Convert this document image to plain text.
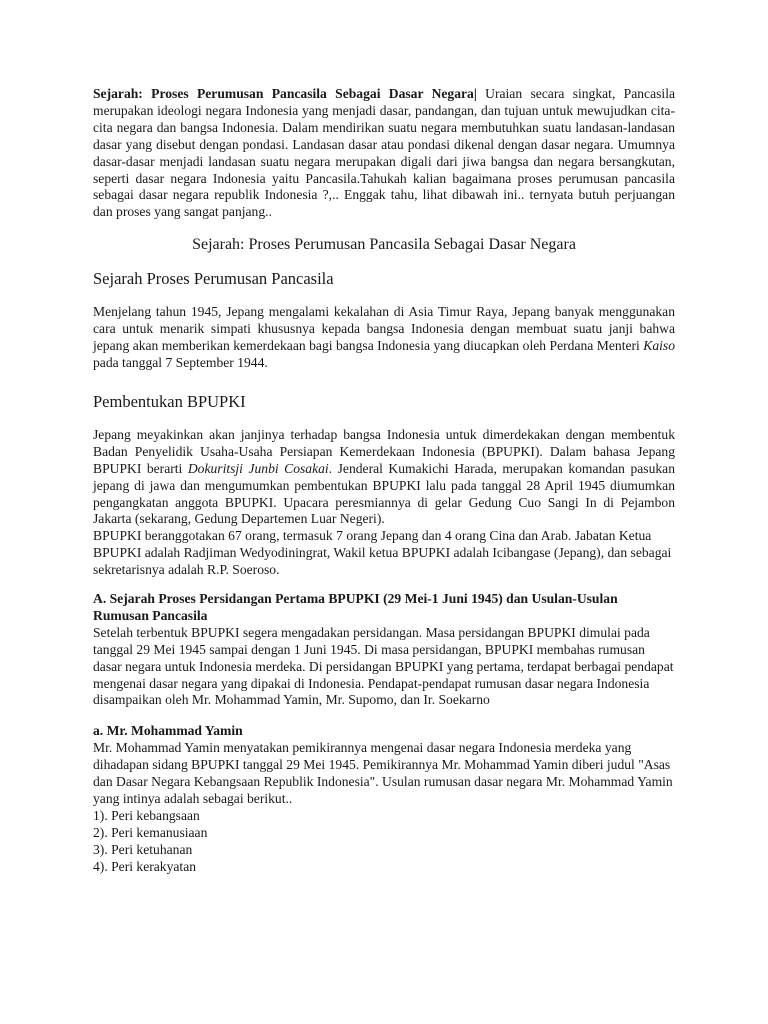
Sejarah: Proses Perumusan Pancasila Sebagai Dasar Negara| Uraian secara singkat, Pancasila merupakan ideologi negara Indonesia yang menjadi dasar, pandangan, dan tujuan untuk mewujudkan cita-cita negara dan bangsa Indonesia. Dalam mendirikan suatu negara membutuhkan suatu landasan-landasan dasar yang disebut dengan pondasi. Landasan dasar atau pondasi dikenal dengan dasar negara. Umumnya dasar-dasar menjadi landasan suatu negara merupakan digali dari jiwa bangsa dan negara bersangkutan, seperti dasar negara Indonesia yaitu Pancasila.Tahukah kalian bagaimana proses perumusan pancasila sebagai dasar negara republik Indonesia ?,.. Enggak tahu, lihat dibawah ini.. ternyata butuh perjuangan dan proses yang sangat panjang..

Sejarah: Proses Perumusan Pancasila Sebagai Dasar Negara
Sejarah Proses Perumusan Pancasila

Menjelang tahun 1945, Jepang mengalami kekalahan di Asia Timur Raya, Jepang banyak menggunakan cara untuk menarik simpati khususnya kepada bangsa Indonesia dengan membuat suatu janji bahwa jepang akan memberikan kemerdekaan bagi bangsa Indonesia yang diucapkan oleh Perdana Menteri Kaiso pada tanggal 7 September 1944.

Pembentukan BPUPKI

Jepang meyakinkan akan janjinya terhadap bangsa Indonesia untuk dimerdekakan dengan membentuk Badan Penyelidik Usaha-Usaha Persiapan Kemerdekaan Indonesia (BPUPKI). Dalam bahasa Jepang BPUPKI berarti Dokuritsji Junbi Cosakai. Jenderal Kumakichi Harada, merupakan komandan pasukan jepang di jawa dan mengumumkan pembentukan BPUPKI lalu pada tanggal 28 April 1945 diumumkan pengangkatan anggota BPUPKI. Upacara peresmiannya di gelar Gedung Cuo Sangi In di Pejambon Jakarta (sekarang, Gedung Departemen Luar Negeri).

BPUPKI beranggotakan 67 orang, termasuk 7 orang Jepang dan 4 orang Cina dan Arab. Jabatan Ketua BPUPKI adalah Radjiman Wedyodiningrat, Wakil ketua BPUPKI adalah Icibangase (Jepang), dan sebagai sekretarisnya adalah R.P. Soeroso.

A. Sejarah Proses Persidangan Pertama BPUPKI (29 Mei-1 Juni 1945) dan Usulan-Usulan Rumusan Pancasila

Setelah terbentuk BPUPKI segera mengadakan persidangan. Masa persidangan BPUPKI dimulai pada tanggal 29 Mei 1945 sampai dengan 1 Juni 1945. Di masa persidangan, BPUPKI membahas rumusan dasar negara untuk Indonesia merdeka. Di persidangan BPUPKI yang pertama, terdapat berbagai pendapat mengenai dasar negara yang dipakai di Indonesia. Pendapat-pendapat rumusan dasar negara Indonesia disampaikan oleh Mr. Mohammad Yamin, Mr. Supomo, dan Ir. Soekarno

a. Mr. Mohammad Yamin

Mr. Mohammad Yamin menyatakan pemikirannya mengenai dasar negara Indonesia merdeka yang dihadapan sidang BPUPKI tanggal 29 Mei 1945. Pemikirannya Mr. Mohammad Yamin diberi judul "Asas dan Dasar Negara Kebangsaan Republik Indonesia". Usulan rumusan dasar negara Mr. Mohammad Yamin yang intinya adalah sebagai berikut..

1). Peri kebangsaan
2). Peri kemanusiaan
3). Peri ketuhanan
4). Peri kerakyatan
